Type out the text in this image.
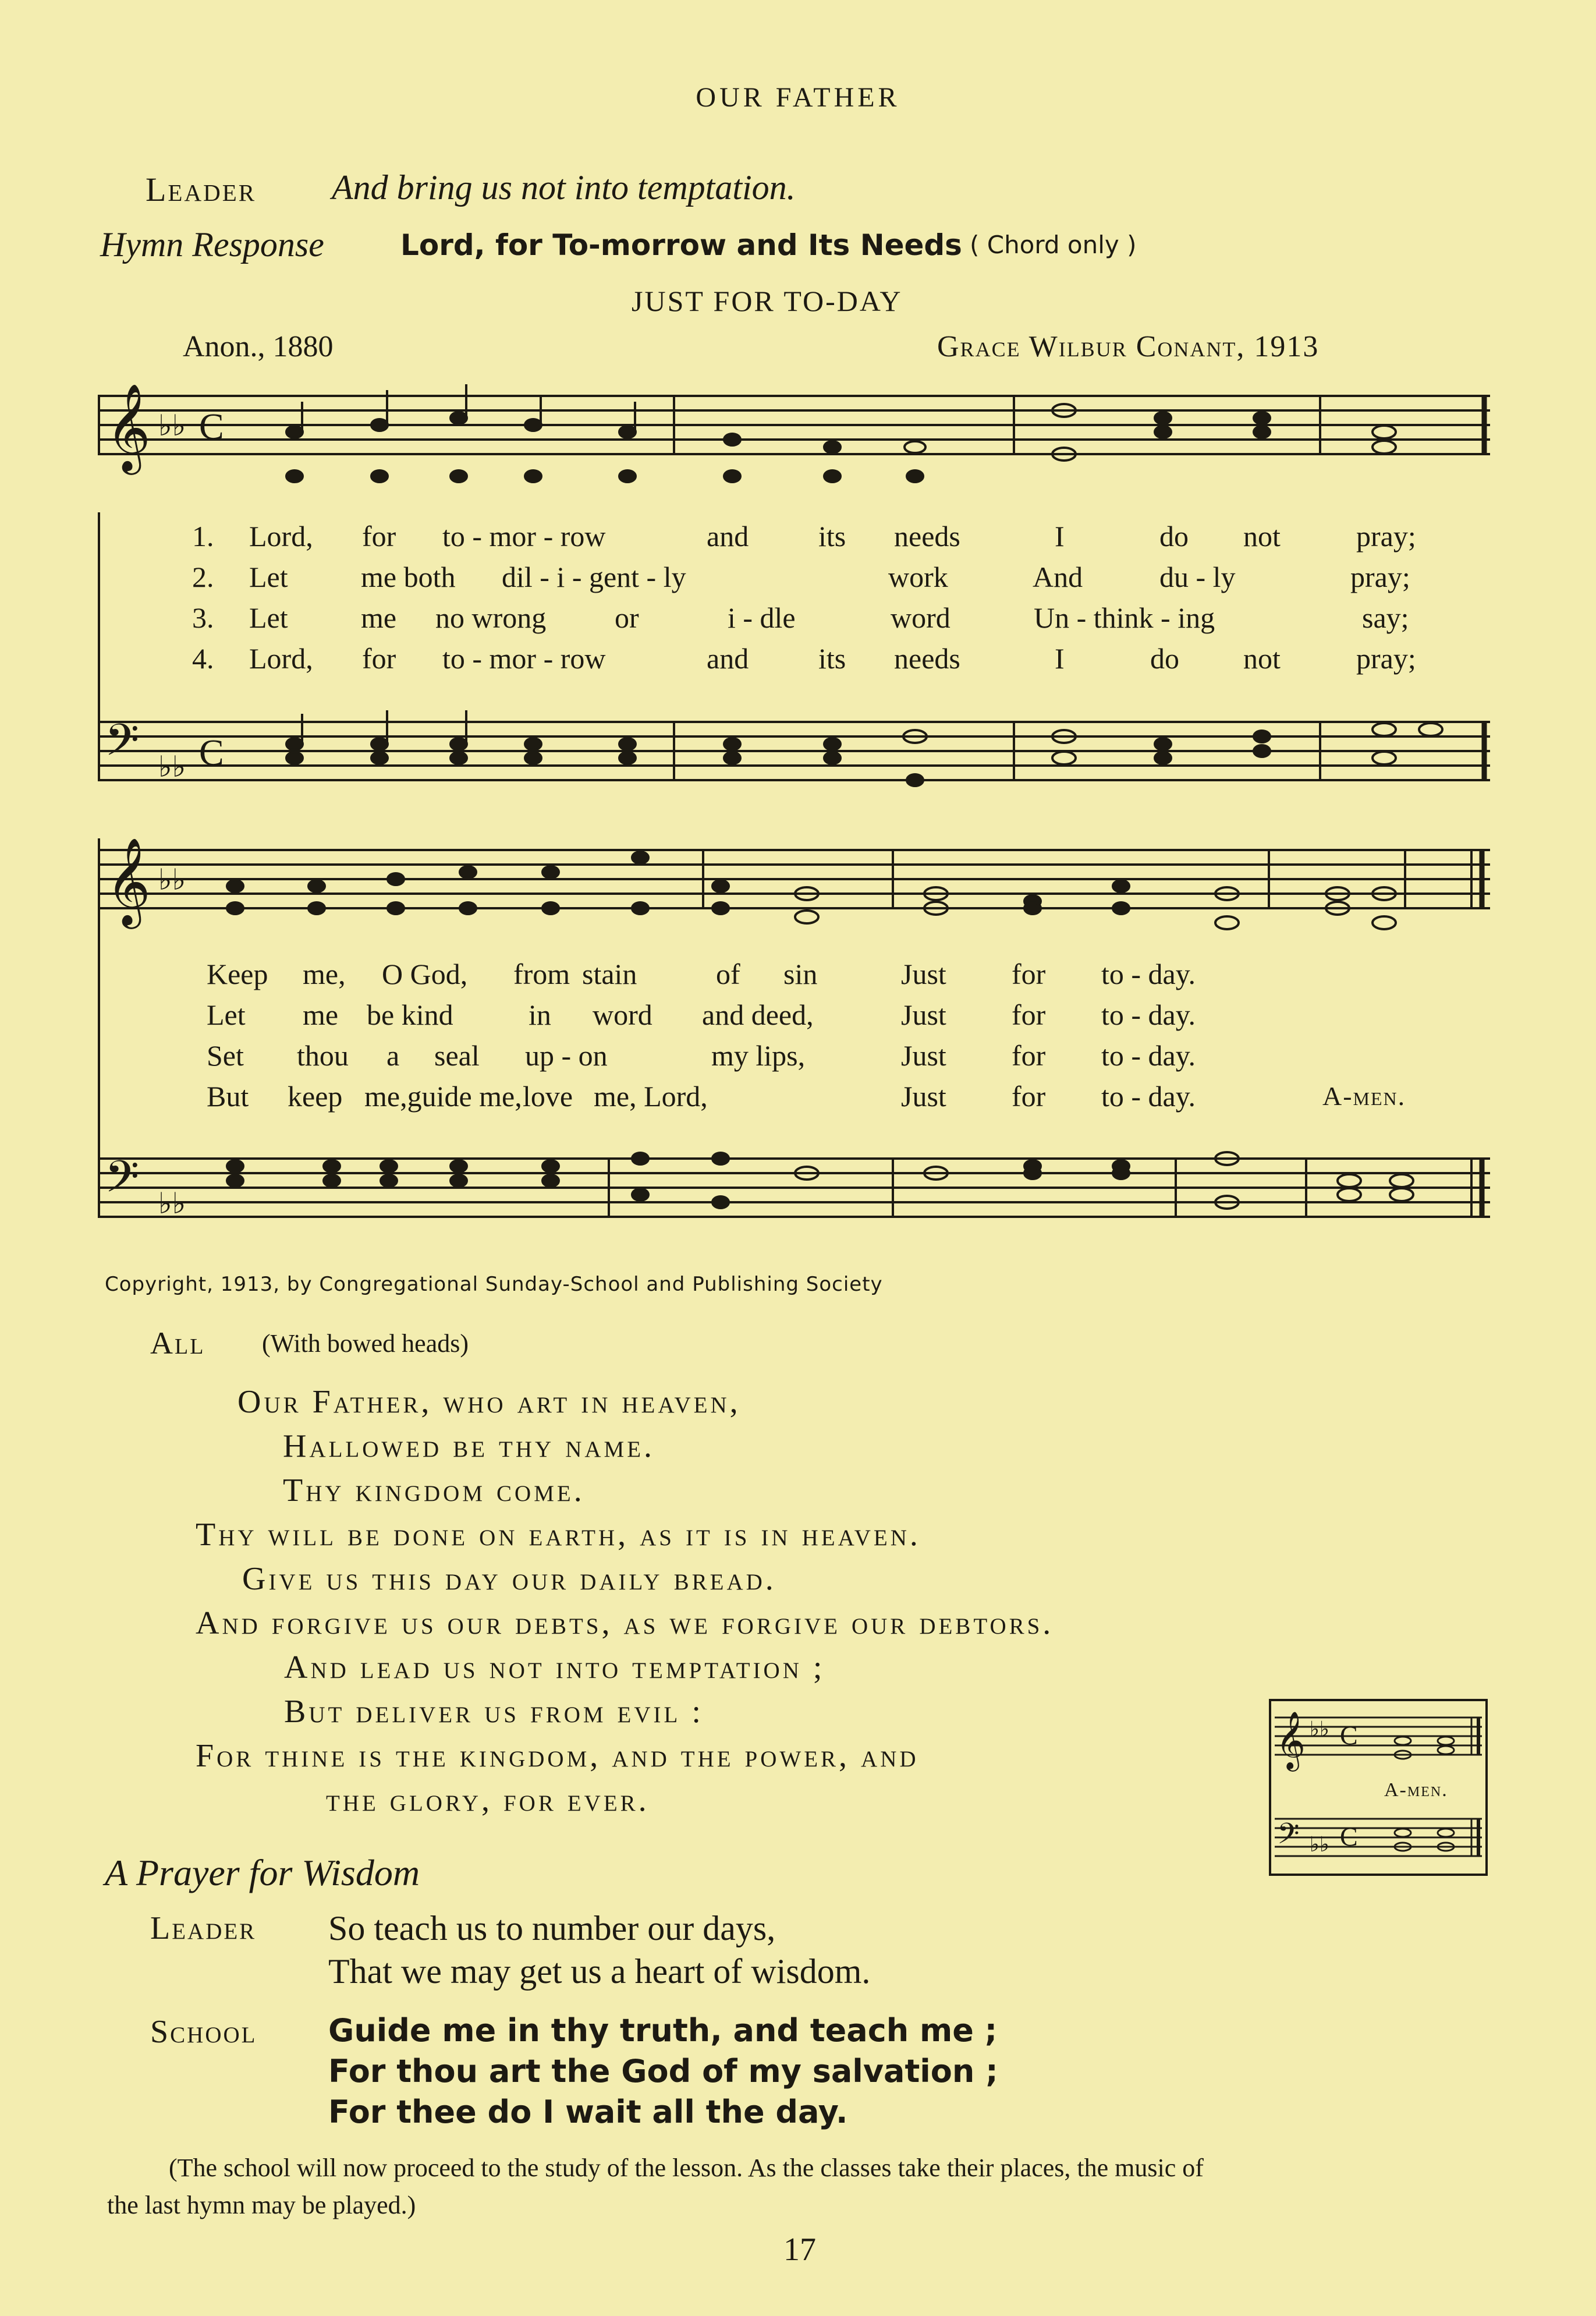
OUR FATHER
Leader And bring us not into temptation.
Hymn Response	Lord, for To-morrow and Its Needs ( Chord only )
JUST FOR TO-DAY
Anon., 1880	Grace Wilbur Conant, 1913
𝄞 ♭♭ C
1.
2.
3.
4.
Lord, for to - mor - row	and its needs	I	do not	pray;
Let	me both dil - i - gent - ly	work	And	du - ly	pray;
Let	me no wrong or	i - dle	word	Un - think - ing	say;
Lord, for to - mor - row	and its needs	I	do not	pray;
𝄢 ♭♭ C
𝄞 ♭♭
Keep me, O God, from stain	of sin	Just for to - day.
Let me be kind	in word and deed,	Just for to - day.
Set thou a seal up - on	my lips,	Just for to - day.
But keep me,guide me, love me, Lord,	Just for to - day.	A-men.
𝄢 ♭♭
Copyright, 1913, by Congregational Sunday-School and Publishing Society
All (With bowed heads)
Our Father, who art in heaven,
Hallowed be thy name.
Thy kingdom come.
Thy will be done on earth, as it is in heaven.
Give us this day our daily bread.
And forgive us our debts, as we forgive our debtors.
And lead us not into temptation ;
But deliver us from evil :
For thine is the kingdom, and the power, and
the glory, for ever.
𝄞 ♭♭ C
A-men.
𝄢 ♭♭ C
A Prayer for Wisdom
Leader So teach us to number our days,
That we may get us a heart of wisdom.
School Guide me in thy truth, and teach me ;
For thou art the God of my salvation ;
For thee do I wait all the day.
(The school will now proceed to the study of the lesson. As the classes take their places, the music of
the last hymn may be played.)
17
